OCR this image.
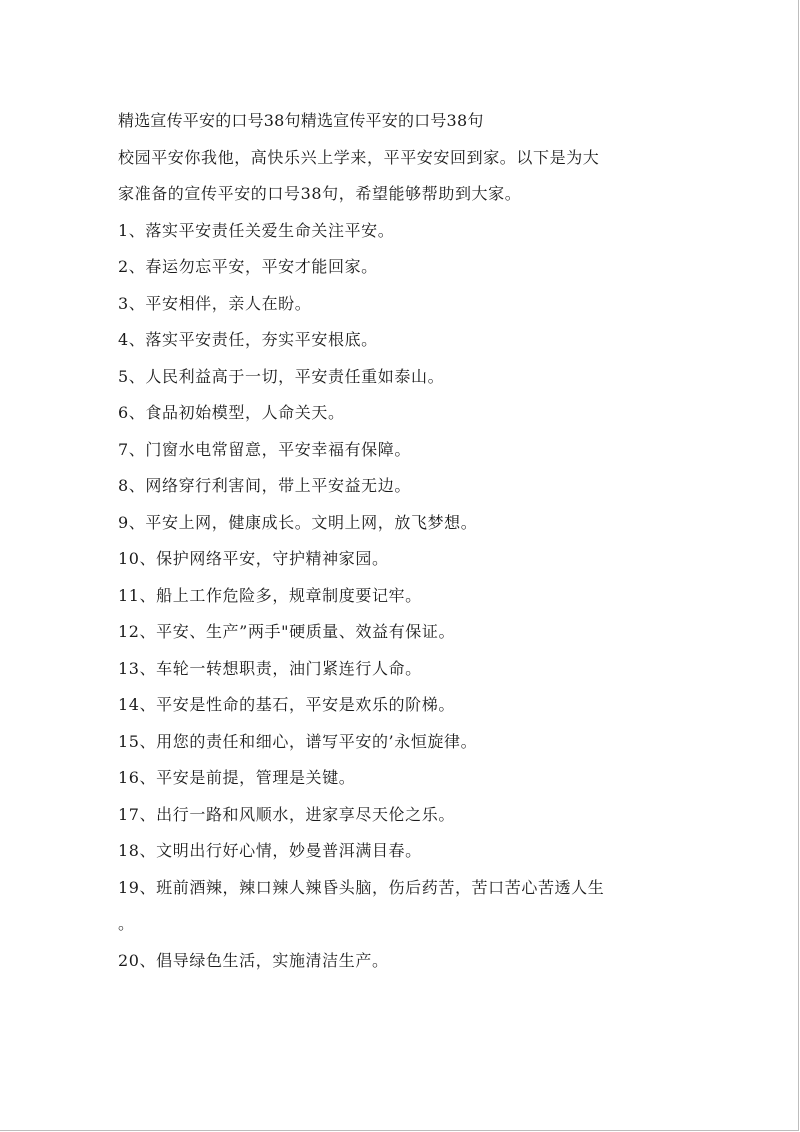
精选宣传平安的口号38句精选宣传平安的口号38句
校园平安你我他，高快乐兴上学来，平平安安回到家。以下是为大
家准备的宣传平安的口号38句，希望能够帮助到大家。
1、落实平安责任关爱生命关注平安。
2、春运勿忘平安，平安才能回家。
3、平安相伴，亲人在盼。
4、落实平安责任，夯实平安根底。
5、人民利益高于一切，平安责任重如泰山。
6、食品初始模型，人命关天。
7、门窗水电常留意，平安幸福有保障。
8、网络穿行利害间，带上平安益无边。
9、平安上网，健康成长。文明上网，放飞梦想。
10、保护网络平安，守护精神家园。
11、船上工作危险多，规章制度要记牢。
12、平安、生产”两手"硬质量、效益有保证。
13、车轮一转想职责，油门紧连行人命。
14、平安是性命的基石，平安是欢乐的阶梯。
15、用您的责任和细心，谱写平安的’永恒旋律。
16、平安是前提，管理是关键。
17、出行一路和风顺水，进家享尽天伦之乐。
18、文明出行好心情，妙曼普洱满目春。
19、班前酒辣，辣口辣人辣昏头脑，伤后药苦，苦口苦心苦透人生
。
20、倡导绿色生活，实施清洁生产。
